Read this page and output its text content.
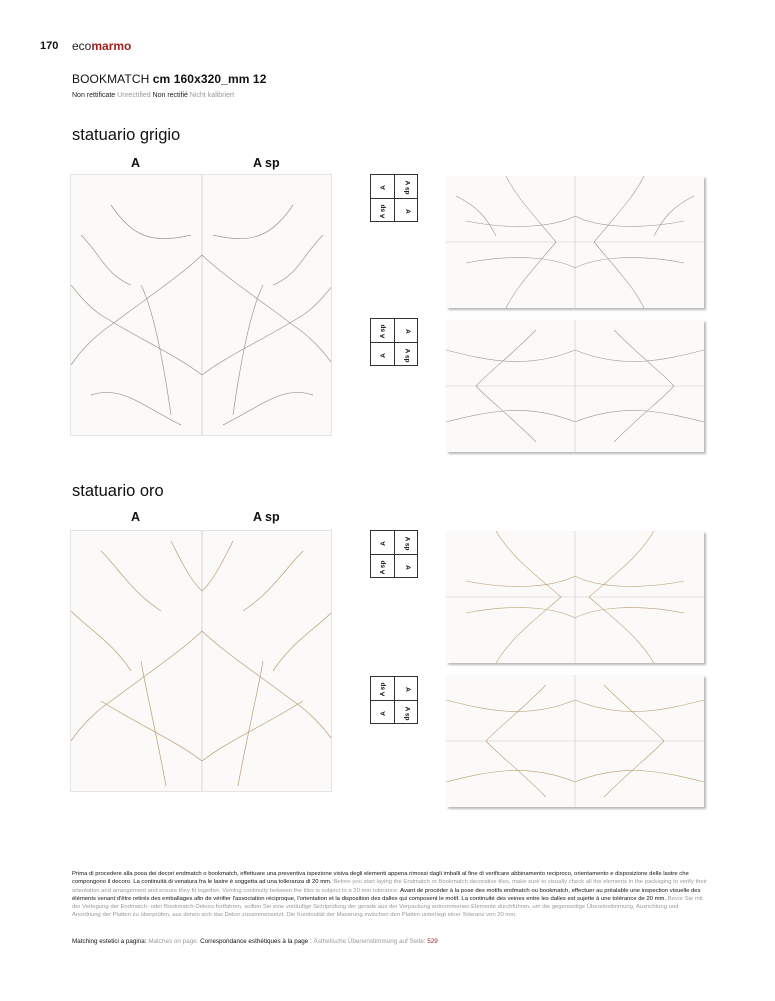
170 ecomarmo
BOOKMATCH cm 160x320_mm 12
Non rettificate Unrectified Non rectifié Nicht kalibriert
statuario grigio
A	A sp
A	A sp
A sp	A
A sp	A
A	A sp
statuario oro
A	A sp
A	A sp
A sp	A
A sp	A
A	A sp
Prima di procedere alla posa dei decori endmatch o bookmatch, effettuare una preventiva ispezione visiva degli elementi appena rimossi dagli imballi al fine di verificare abbinamento reciproco, orientamento e disposizione delle lastre che compongono il decoro. La continuità di venatura fra le lastre è soggetta ad una tolleranza di 20 mm. Before you start laying the Endmatch or Bookmatch decorative tiles, make sure to visually check all the elements in the packaging to verify their orientation and arrangement and ensure they fit together. Veining continuity between the tiles is subject to a 20 mm tolerance. Avant de procéder à la pose des motifs endmatch ou bookmatch, effectuer au préalable une inspection visuelle des éléments venant d'être retirés des emballages afin de vérifier l'association réciproque, l'orientation et la disposition des dalles qui composent le motif. La continuité des veines entre les dalles est sujette à une tolérance de 20 mm. Bevor Sie mit der Verlegung der Endmatch- oder Bookmatch-Dekors fortfahren, sollten Sie eine vorläufige Sichtprüfung der gerade aus der Verpackung entnommenen Elemente durchführen, um die gegenseitige Übereinstimmung, Ausrichtung und Anordnung der Platten zu überprüfen, aus denen sich das Dekor zusammensetzt. Die Kontinuität der Maserung zwischen den Platten unterliegt einer Toleranz von 20 mm.
Matching estetici a pagina: Matches on page: Correspondance esthétiques à la page : Ästhetische Übereinstimmung auf Seite: 529
